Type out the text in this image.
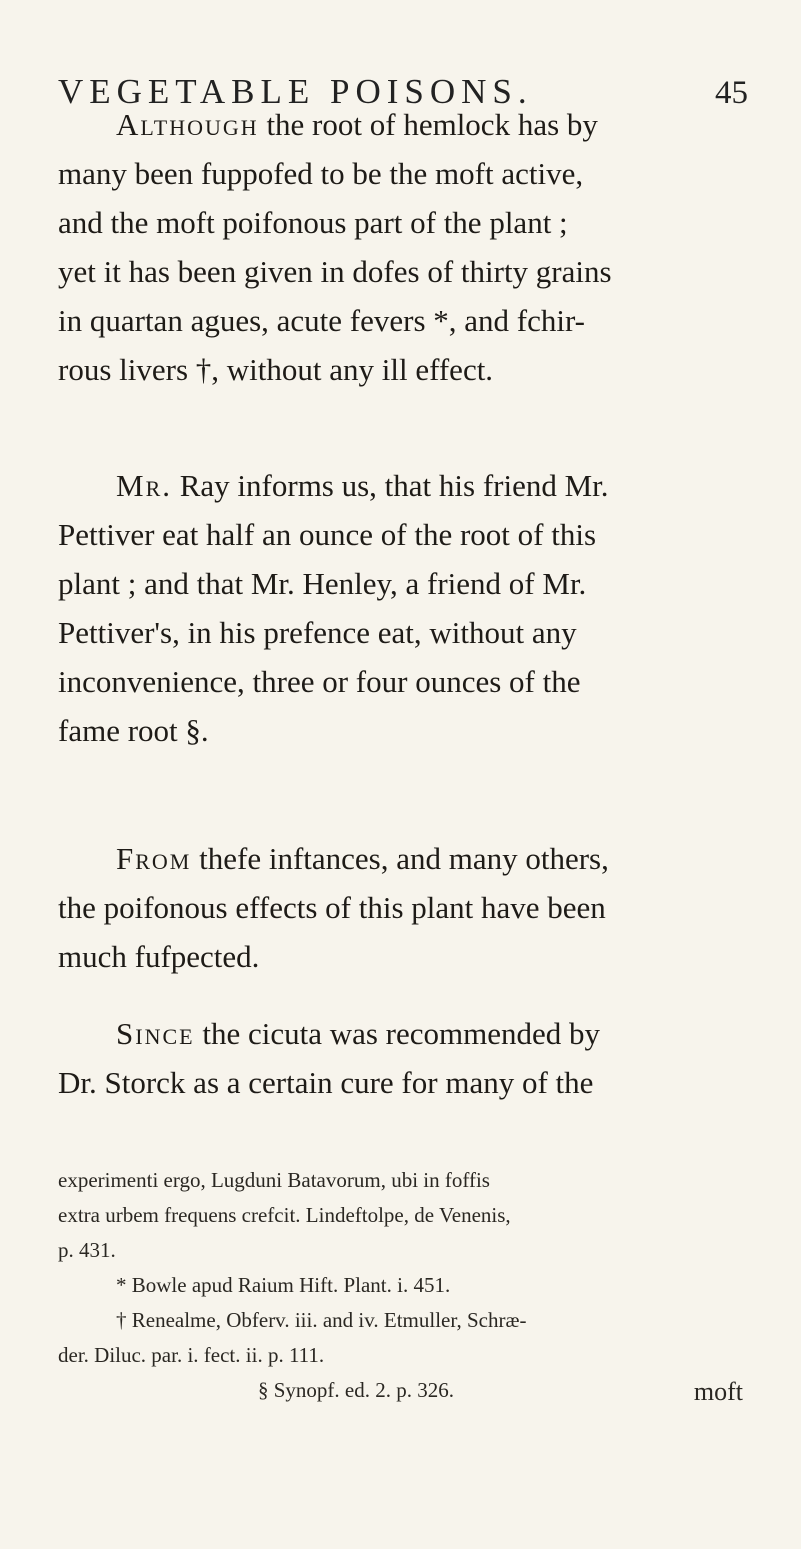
VEGETABLE POISONS.	45

Although the root of hemlock has by

many been fuppofed to be the moft active,

and the moft poifonous part of the plant ;

yet it has been given in dofes of thirty grains

in quartan agues, acute fevers *, and fchir-

rous livers †, without any ill effect.

Mr. Ray informs us, that his friend Mr.

Pettiver eat half an ounce of the root of this

plant ; and that Mr. Henley, a friend of Mr.

Pettiver's, in his prefence eat, without any

inconvenience, three or four ounces of the

fame root §.

From thefe inftances, and many others,

the poifonous effects of this plant have been

much fufpected.

Since the cicuta was recommended by

Dr. Storck as a certain cure for many of the

experimenti ergo, Lugduni Batavorum, ubi in foffis

extra urbem frequens crefcit. Lindeftolpe, de Venenis,

p. 431.

* Bowle apud Raium Hift. Plant. i. 451.

† Renealme, Obferv. iii. and iv. Etmuller, Schræ-

der. Diluc. par. i. fect. ii. p. 111.

§ Synopf. ed. 2. p. 326.	moft
